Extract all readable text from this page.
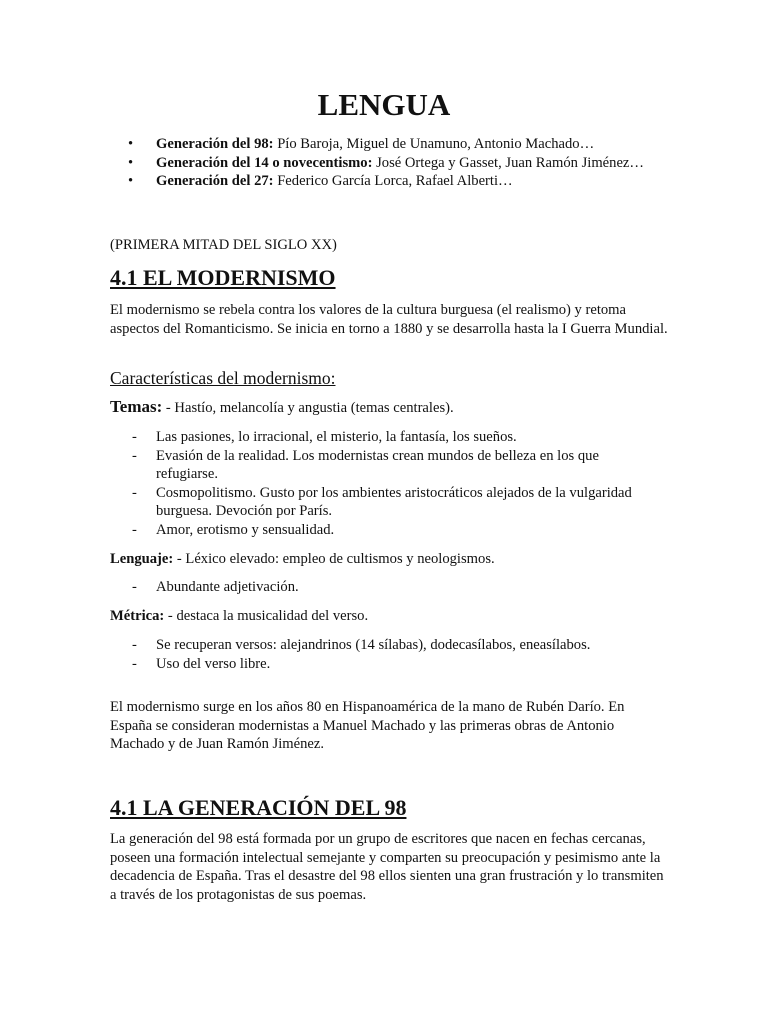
LENGUA
• Generación del 98: Pío Baroja, Miguel de Unamuno, Antonio Machado…
• Generación del 14 o novecentismo: José Ortega y Gasset, Juan Ramón Jiménez…
• Generación del 27: Federico García Lorca, Rafael Alberti…

(PRIMERA MITAD DEL SIGLO XX)

4.1 EL MODERNISMO

El modernismo se rebela contra los valores de la cultura burguesa (el realismo) y retoma aspectos del Romanticismo. Se inicia en torno a 1880 y se desarrolla hasta la I Guerra Mundial.

Características del modernismo:

Temas: - Hastío, melancolía y angustia (temas centrales).

- Las pasiones, lo irracional, el misterio, la fantasía, los sueños.
- Evasión de la realidad. Los modernistas crean mundos de belleza en los que refugiarse.
- Cosmopolitismo. Gusto por los ambientes aristocráticos alejados de la vulgaridad burguesa. Devoción por París.
- Amor, erotismo y sensualidad.

Lenguaje: - Léxico elevado: empleo de cultismos y neologismos.

- Abundante adjetivación.

Métrica: - destaca la musicalidad del verso.

- Se recuperan versos: alejandrinos (14 sílabas), dodecasílabos, eneasílabos.
- Uso del verso libre.

El modernismo surge en los años 80 en Hispanoamérica de la mano de Rubén Darío. En España se consideran modernistas a Manuel Machado y las primeras obras de Antonio Machado y de Juan Ramón Jiménez.

4.1 LA GENERACIÓN DEL 98

La generación del 98 está formada por un grupo de escritores que nacen en fechas cercanas, poseen una formación intelectual semejante y comparten su preocupación y pesimismo ante la decadencia de España. Tras el desastre del 98 ellos sienten una gran frustración y lo transmiten a través de los protagonistas de sus poemas.
